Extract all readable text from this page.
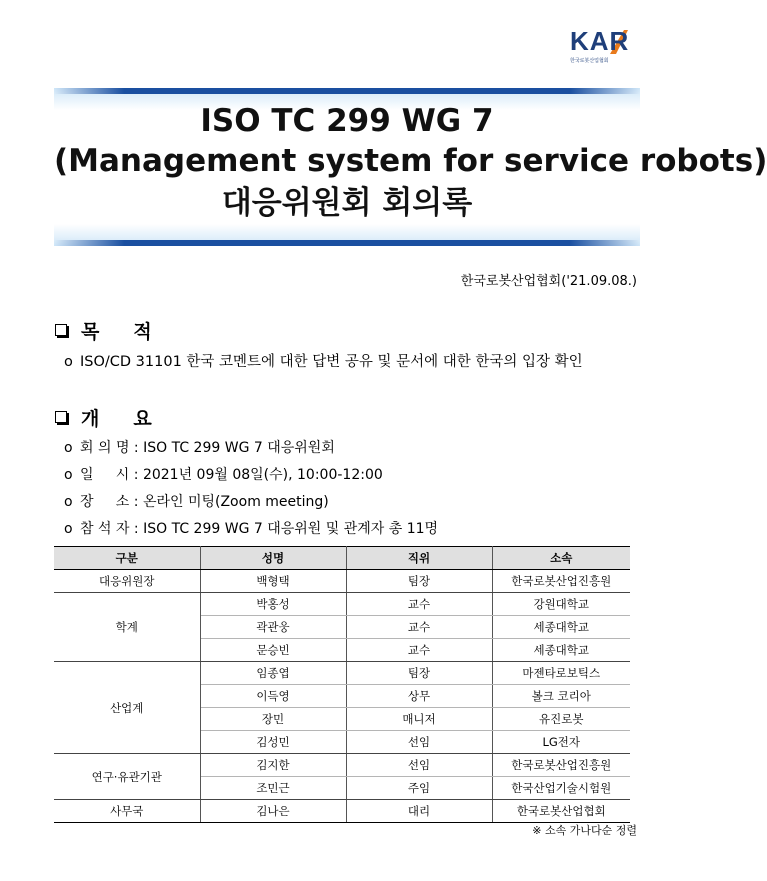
KAR
한국로봇산업협회
ISO TC 299 WG 7
(Management system for service robots)
대응위원회 회의록
한국로봇산업협회('21.09.08.)
목 적
o ISO/CD 31101 한국 코멘트에 대한 답변 공유 및 문서에 대한 한국의 입장 확인
개 요
o 회 의 명 : ISO TC 299 WG 7 대응위원회
o 일     시 : 2021년 09월 08일(수), 10:00-12:00
o 장     소 : 온라인 미팅(Zoom meeting)
o 참 석 자 : ISO TC 299 WG 7 대응위원 및 관계자 총 11명
구분	성명	직위	소속
대응위원장	백형택	팀장	한국로봇산업진흥원
학계	박홍성	교수	강원대학교
	곽관웅	교수	세종대학교
	문승빈	교수	세종대학교
산업계	임종엽	팀장	마젠타로보틱스
	이득영	상무	볼크 코리아
	장민	매니저	유진로봇
	김성민	선임	LG전자
연구·유관기관	김지한	선임	한국로봇산업진흥원
	조민근	주임	한국산업기술시험원
사무국	김나은	대리	한국로봇산업협회
※ 소속 가나다순 정렬
